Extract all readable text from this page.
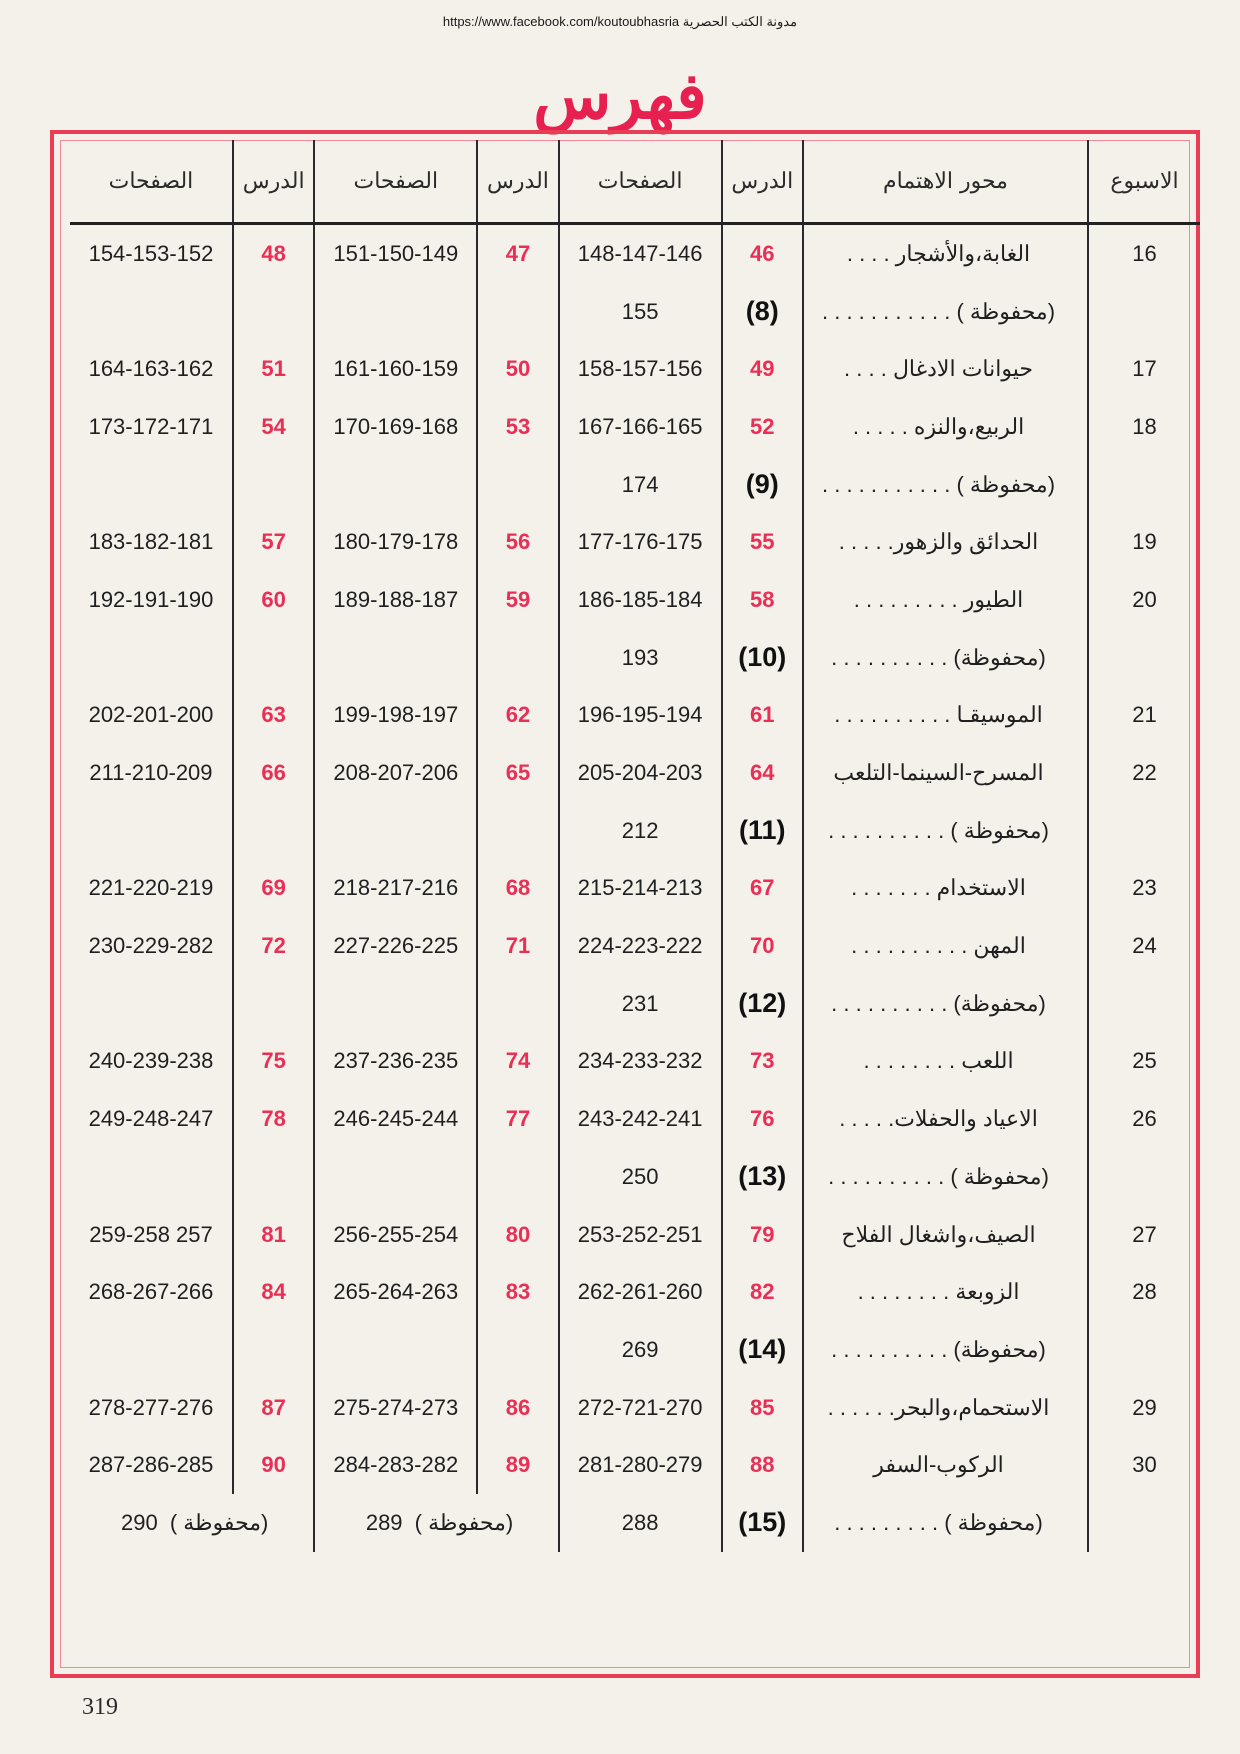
https://www.facebook.com/koutoubhasria مدونة الكتب الحصرية
فهرس
الاسبوع	محور الاهتمام	الدرس	الصفحات	الدرس	الصفحات	الدرس	الصفحات
16	الغابة،والأشجار . . . .	46	148-147-146	47	151-150-149	48	154-153-152
	(محفوظة ) . . . . . . . . . . .	(8)	155				
17	حيوانات الادغال . . . .	49	158-157-156	50	161-160-159	51	164-163-162
18	الربيع،والنزه . . . . .	52	167-166-165	53	170-169-168	54	173-172-171
	(محفوظة ) . . . . . . . . . . .	(9)	174				
19	الحدائق والزهور. . . . .	55	177-176-175	56	180-179-178	57	183-182-181
20	الطيور . . . . . . . . .	58	186-185-184	59	189-188-187	60	192-191-190
	(محفوظة) . . . . . . . . . .	(10)	193				
21	الموسيقـا . . . . . . . . . .	61	196-195-194	62	199-198-197	63	202-201-200
22	المسرح-السينما-التلعب	64	205-204-203	65	208-207-206	66	211-210-209
	(محفوظة ) . . . . . . . . . .	(11)	212				
23	الاستخدام . . . . . . .	67	215-214-213	68	218-217-216	69	221-220-219
24	المهن . . . . . . . . . .	70	224-223-222	71	227-226-225	72	230-229-282
	(محفوظة) . . . . . . . . . .	(12)	231				
25	اللعب . . . . . . . .	73	234-233-232	74	237-236-235	75	240-239-238
26	الاعياد والحفلات. . . . .	76	243-242-241	77	246-245-244	78	249-248-247
	(محفوظة ) . . . . . . . . . .	(13)	250				
27	الصيف،واشغال الفلاح	79	253-252-251	80	256-255-254	81	259-258 257
28	الزوبعة . . . . . . . .	82	262-261-260	83	265-264-263	84	268-267-266
	(محفوظة) . . . . . . . . . .	(14)	269				
29	الاستحمام،والبحر. . . . . .	85	272-721-270	86	275-274-273	87	278-277-276
30	الركوب-السفر	88	281-280-279	89	284-283-282	90	287-286-285
	(محفوظة ) . . . . . . . . .	(15)	288	(محفوظة ) 289		(محفوظة ) 290	
319
